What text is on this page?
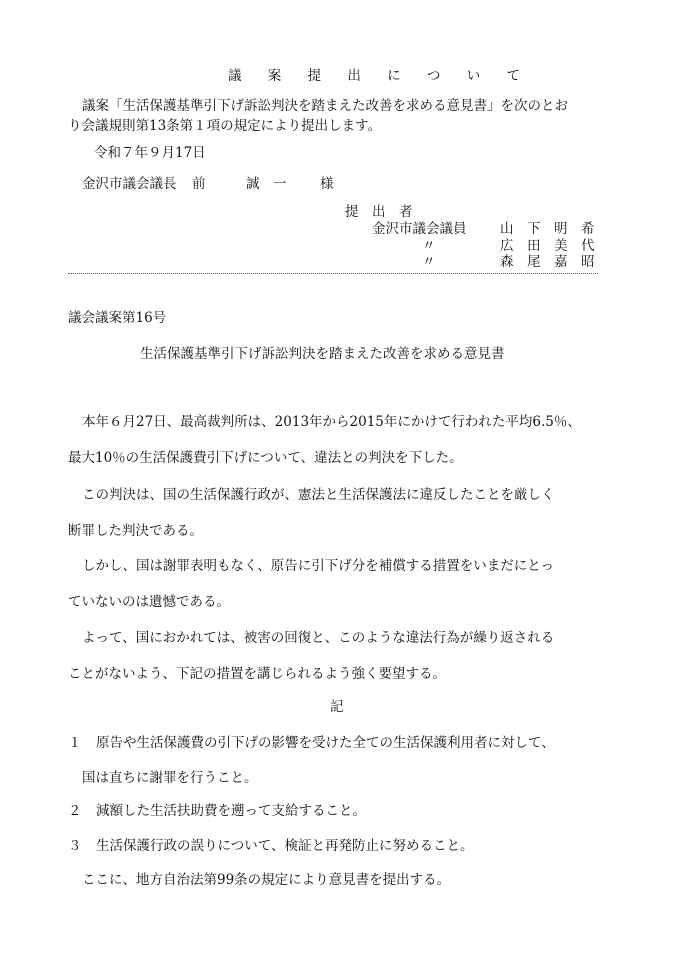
議 案 提 出 に つ い て
議案「生活保護基準引下げ訴訟判決を踏まえた改善を求める意見書」を次のとお
り会議規則第13条第１項の規定により提出します。
令和７年９月17日
金沢市議会議長 前　　　誠　一 様
提　出　者
金沢市議会議員 山　下　明　希
〃	広　田　美　代
〃	森　尾　嘉　昭
議会議案第16号
生活保護基準引下げ訴訟判決を踏まえた改善を求める意見書
本年６月27日、最高裁判所は、2013年から2015年にかけて行われた平均6.5％、
最大10％の生活保護費引下げについて、違法との判決を下した。
この判決は、国の生活保護行政が、憲法と生活保護法に違反したことを厳しく
断罪した判決である。
しかし、国は謝罪表明もなく、原告に引下げ分を補償する措置をいまだにとっ
ていないのは遺憾である。
よって、国におかれては、被害の回復と、このような違法行為が繰り返される
ことがないよう、下記の措置を講じられるよう強く要望する。
記
１ 原告や生活保護費の引下げの影響を受けた全ての生活保護利用者に対して、
国は直ちに謝罪を行うこと。
２ 減額した生活扶助費を遡って支給すること。
３ 生活保護行政の誤りについて、検証と再発防止に努めること。
ここに、地方自治法第99条の規定により意見書を提出する。
